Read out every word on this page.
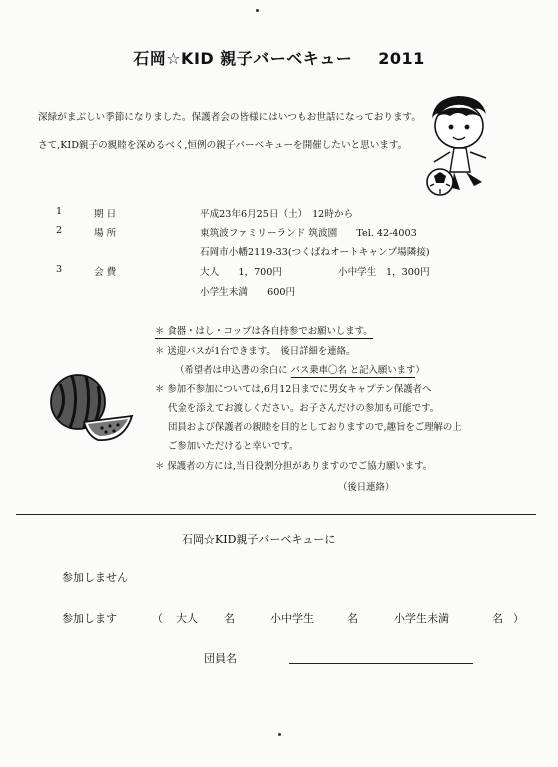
石岡☆KID 親子バーベキュー 2011
深緑がまぶしい季節になりました。保護者会の皆様にはいつもお世話になっております。
さて,KID親子の親睦を深めるべく,恒例の親子バーベキューを開催したいと思います。
1	期 日	平成23年6月25日（土）　12時から
2	場 所	東筑波ファミリーランド 筑波園　　Tel. 42-4003
石岡市小幡2119-33(つくばねオートキャンプ場隣接)
3	会 費	大人　　1，700円	小中学生　1，300円
小学生未満　　600円
＊ 食器・はし・コップは各自持参でお願いします。
＊ 送迎バスが1台できます。　後日詳細を連絡。
（希望者は申込書の余白に バス乗車〇名 と記入願います）
＊ 参加不参加については,6月12日までに男女キャプテン保護者へ
代金を添えてお渡しください。お子さんだけの参加も可能です。
団員および保護者の親睦を目的としておりますので,趣旨をご理解の上
ご参加いただけると幸いです。
＊ 保護者の方には,当日役割分担がありますのでご協力願います。
（後日連絡）
石岡☆KID親子バーベキューに
参加しません
参加します	（ 大人 名	小中学生	名	小学生未満	名 ）
団員名
